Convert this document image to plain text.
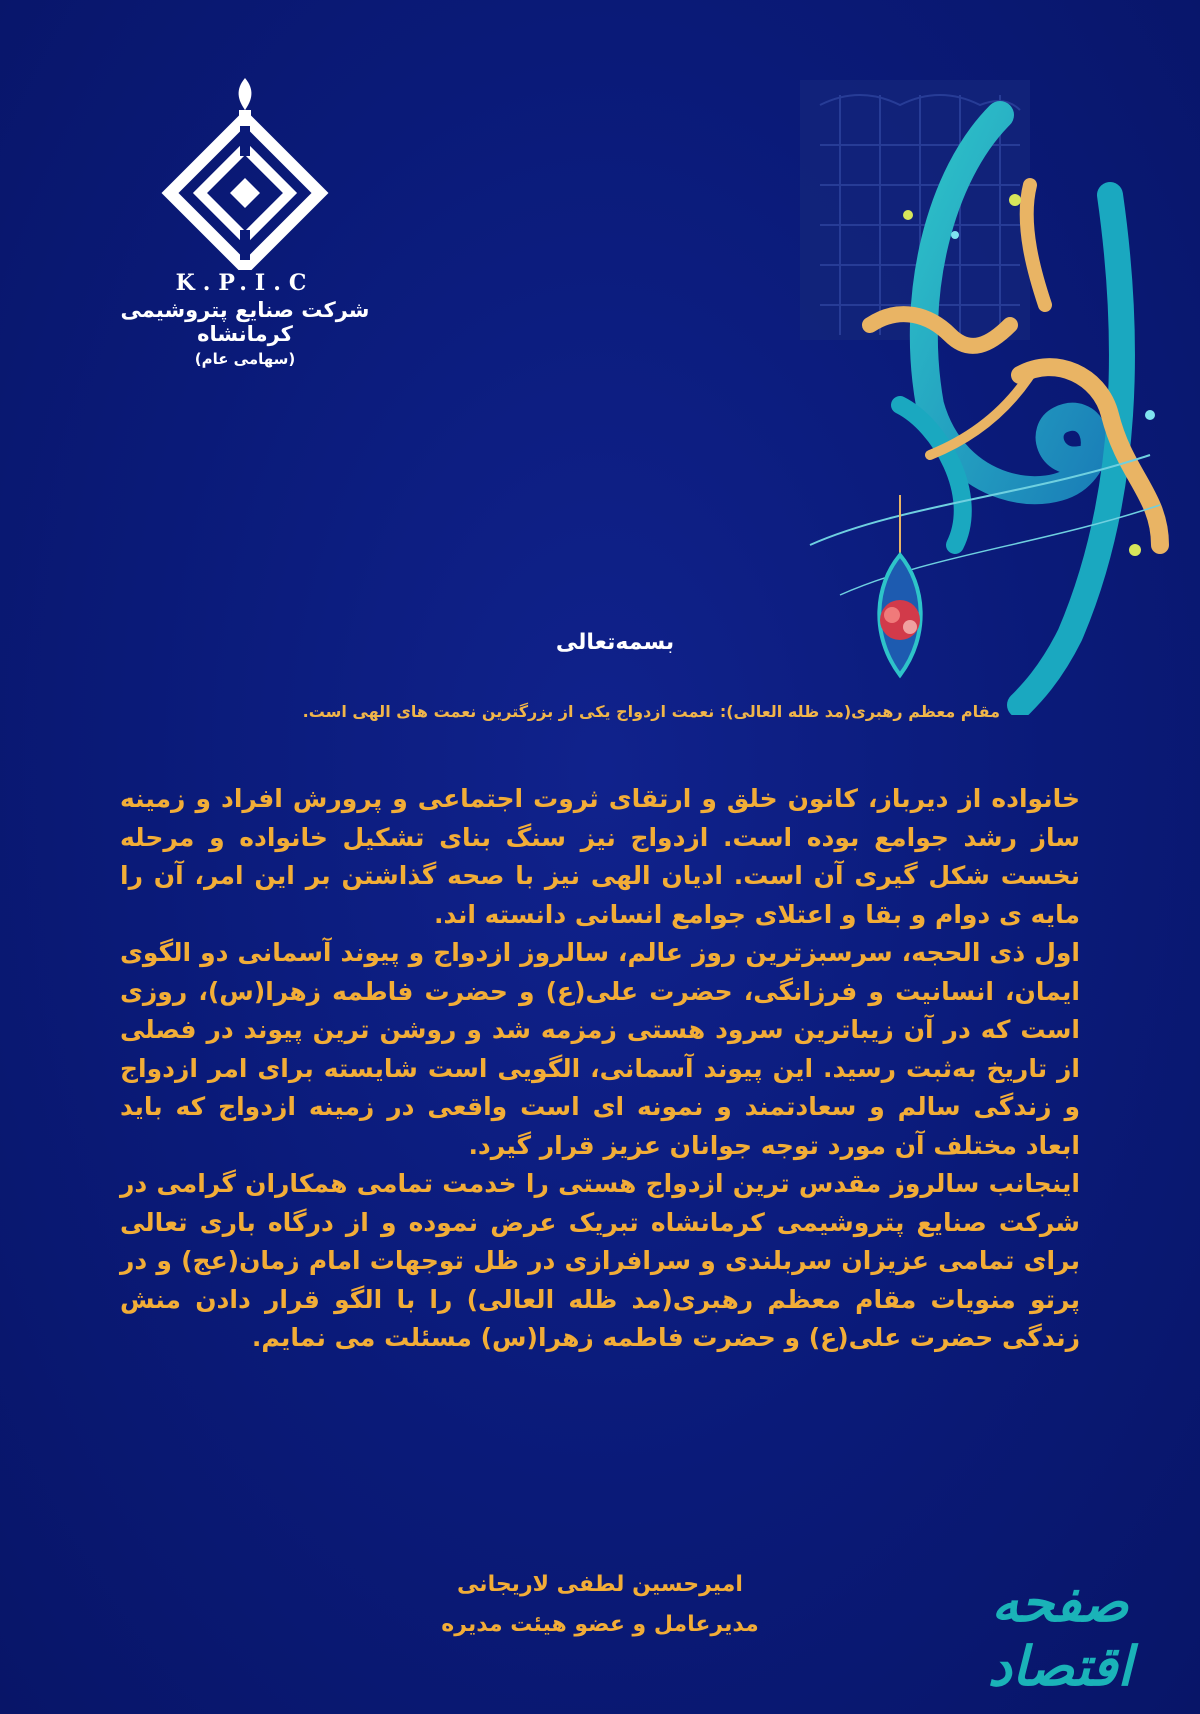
K.P.I.C
شرکت صنایع پتروشیمی کرمانشاه
(سهامی عام)
بسمه‌تعالی
مقام معظم رهبری(مد ظله العالی): نعمت ازدواج یکی از بزرگترین نعمت های الهی است.

خانواده از دیرباز، کانون خلق و ارتقای ثروت اجتماعی و پرورش افراد و زمینه ساز رشد جوامع بوده است. ازدواج نیز سنگ بنای تشکیل خانواده و مرحله نخست شکل گیری آن است. ادیان الهی نیز با صحه گذاشتن بر این امر، آن را مایه ی دوام و بقا و اعتلای جوامع انسانی دانسته اند.

اول ذی الحجه، سرسبزترین روز عالم، سالروز ازدواج و پیوند آسمانی دو الگوی ایمان، انسانیت و فرزانگی، حضرت علی(ع) و حضرت فاطمه زهرا(س)، روزی است که در آن زیباترین سرود هستی زمزمه شد و روشن ترین پیوند در فصلی از تاریخ به‌ثبت رسید. این پیوند آسمانی، الگویی است شایسته برای امر ازدواج و زندگی سالم و سعادتمند و نمونه ای است واقعی در زمینه ازدواج که باید ابعاد مختلف آن مورد توجه جوانان عزیز قرار گیرد.

اینجانب سالروز مقدس ترین ازدواج هستی را خدمت تمامی همکاران گرامی در شرکت صنایع پتروشیمی کرمانشاه تبریک عرض نموده و از درگاه باری تعالی برای تمامی عزیزان سربلندی و سرافرازی در ظل توجهات امام زمان(عج) و در پرتو منویات مقام معظم رهبری(مد ظله العالی) را با الگو قرار دادن منش زندگی حضرت علی(ع) و حضرت فاطمه زهرا(س) مسئلت می نمایم.

امیرحسین لطفی لاریجانی
مدیرعامل و عضو هیئت مدیره	صفحه اقتصاد
